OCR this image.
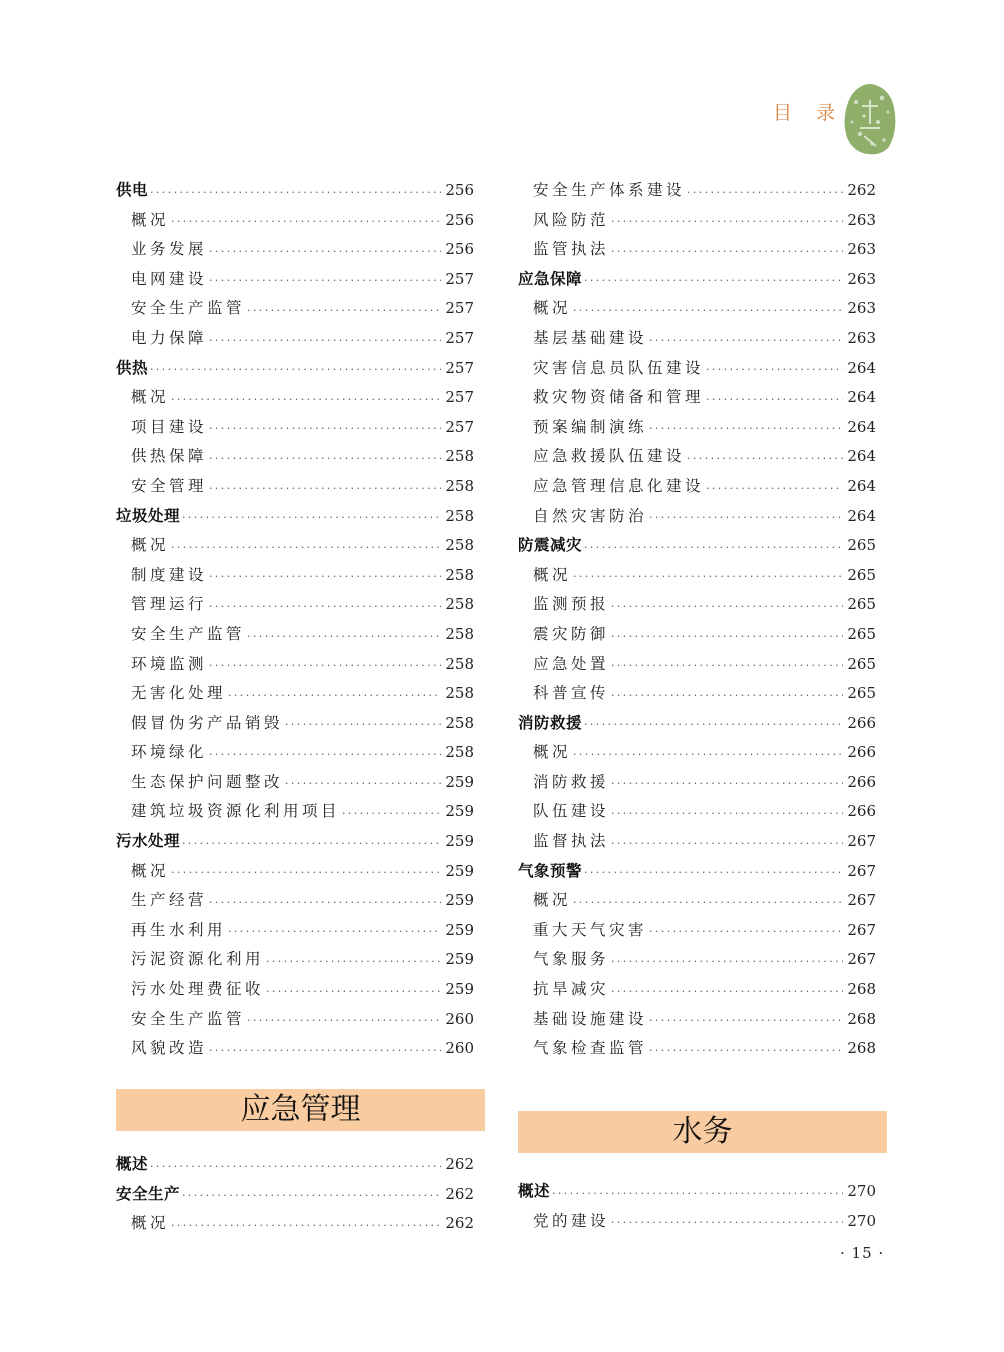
目 录
供电 ·····	256
概况 ·····	256
业务发展 ·····	256
电网建设 ·····	257
安全生产监管 ·····	257
电力保障 ·····	257
供热 ·····	257
概况 ·····	257
项目建设 ·····	257
供热保障 ·····	258
安全管理 ·····	258
垃圾处理 ·····	258
概况 ·····	258
制度建设 ·····	258
管理运行 ·····	258
安全生产监管 ·····	258
环境监测 ·····	258
无害化处理 ·····	258
假冒伪劣产品销毁 ·····	258
环境绿化 ·····	258
生态保护问题整改 ·····	259
建筑垃圾资源化利用项目 ·····	259
污水处理 ·····	259
概况 ·····	259
生产经营 ·····	259
再生水利用 ·····	259
污泥资源化利用 ·····	259
污水处理费征收 ·····	259
安全生产监管 ·····	260
风貌改造 ·····	260
应急管理
概述 ·····	262
安全生产 ·····	262
概况 ·····	262
安全生产体系建设 ·····	262
风险防范 ·····	263
监管执法 ·····	263
应急保障 ·····	263
概况 ·····	263
基层基础建设 ·····	263
灾害信息员队伍建设 ·····	264
救灾物资储备和管理 ·····	264
预案编制演练 ·····	264
应急救援队伍建设 ·····	264
应急管理信息化建设 ·····	264
自然灾害防治 ·····	264
防震减灾 ·····	265
概况 ·····	265
监测预报 ·····	265
震灾防御 ·····	265
应急处置 ·····	265
科普宣传 ·····	265
消防救援 ·····	266
概况 ·····	266
消防救援 ·····	266
队伍建设 ·····	266
监督执法 ·····	267
气象预警 ·····	267
概况 ·····	267
重大天气灾害 ·····	267
气象服务 ·····	267
抗旱减灾 ·····	268
基础设施建设 ·····	268
气象检查监管 ·····	268
水务
概述 ·····	270
党的建设 ·····	270
· 15 ·
